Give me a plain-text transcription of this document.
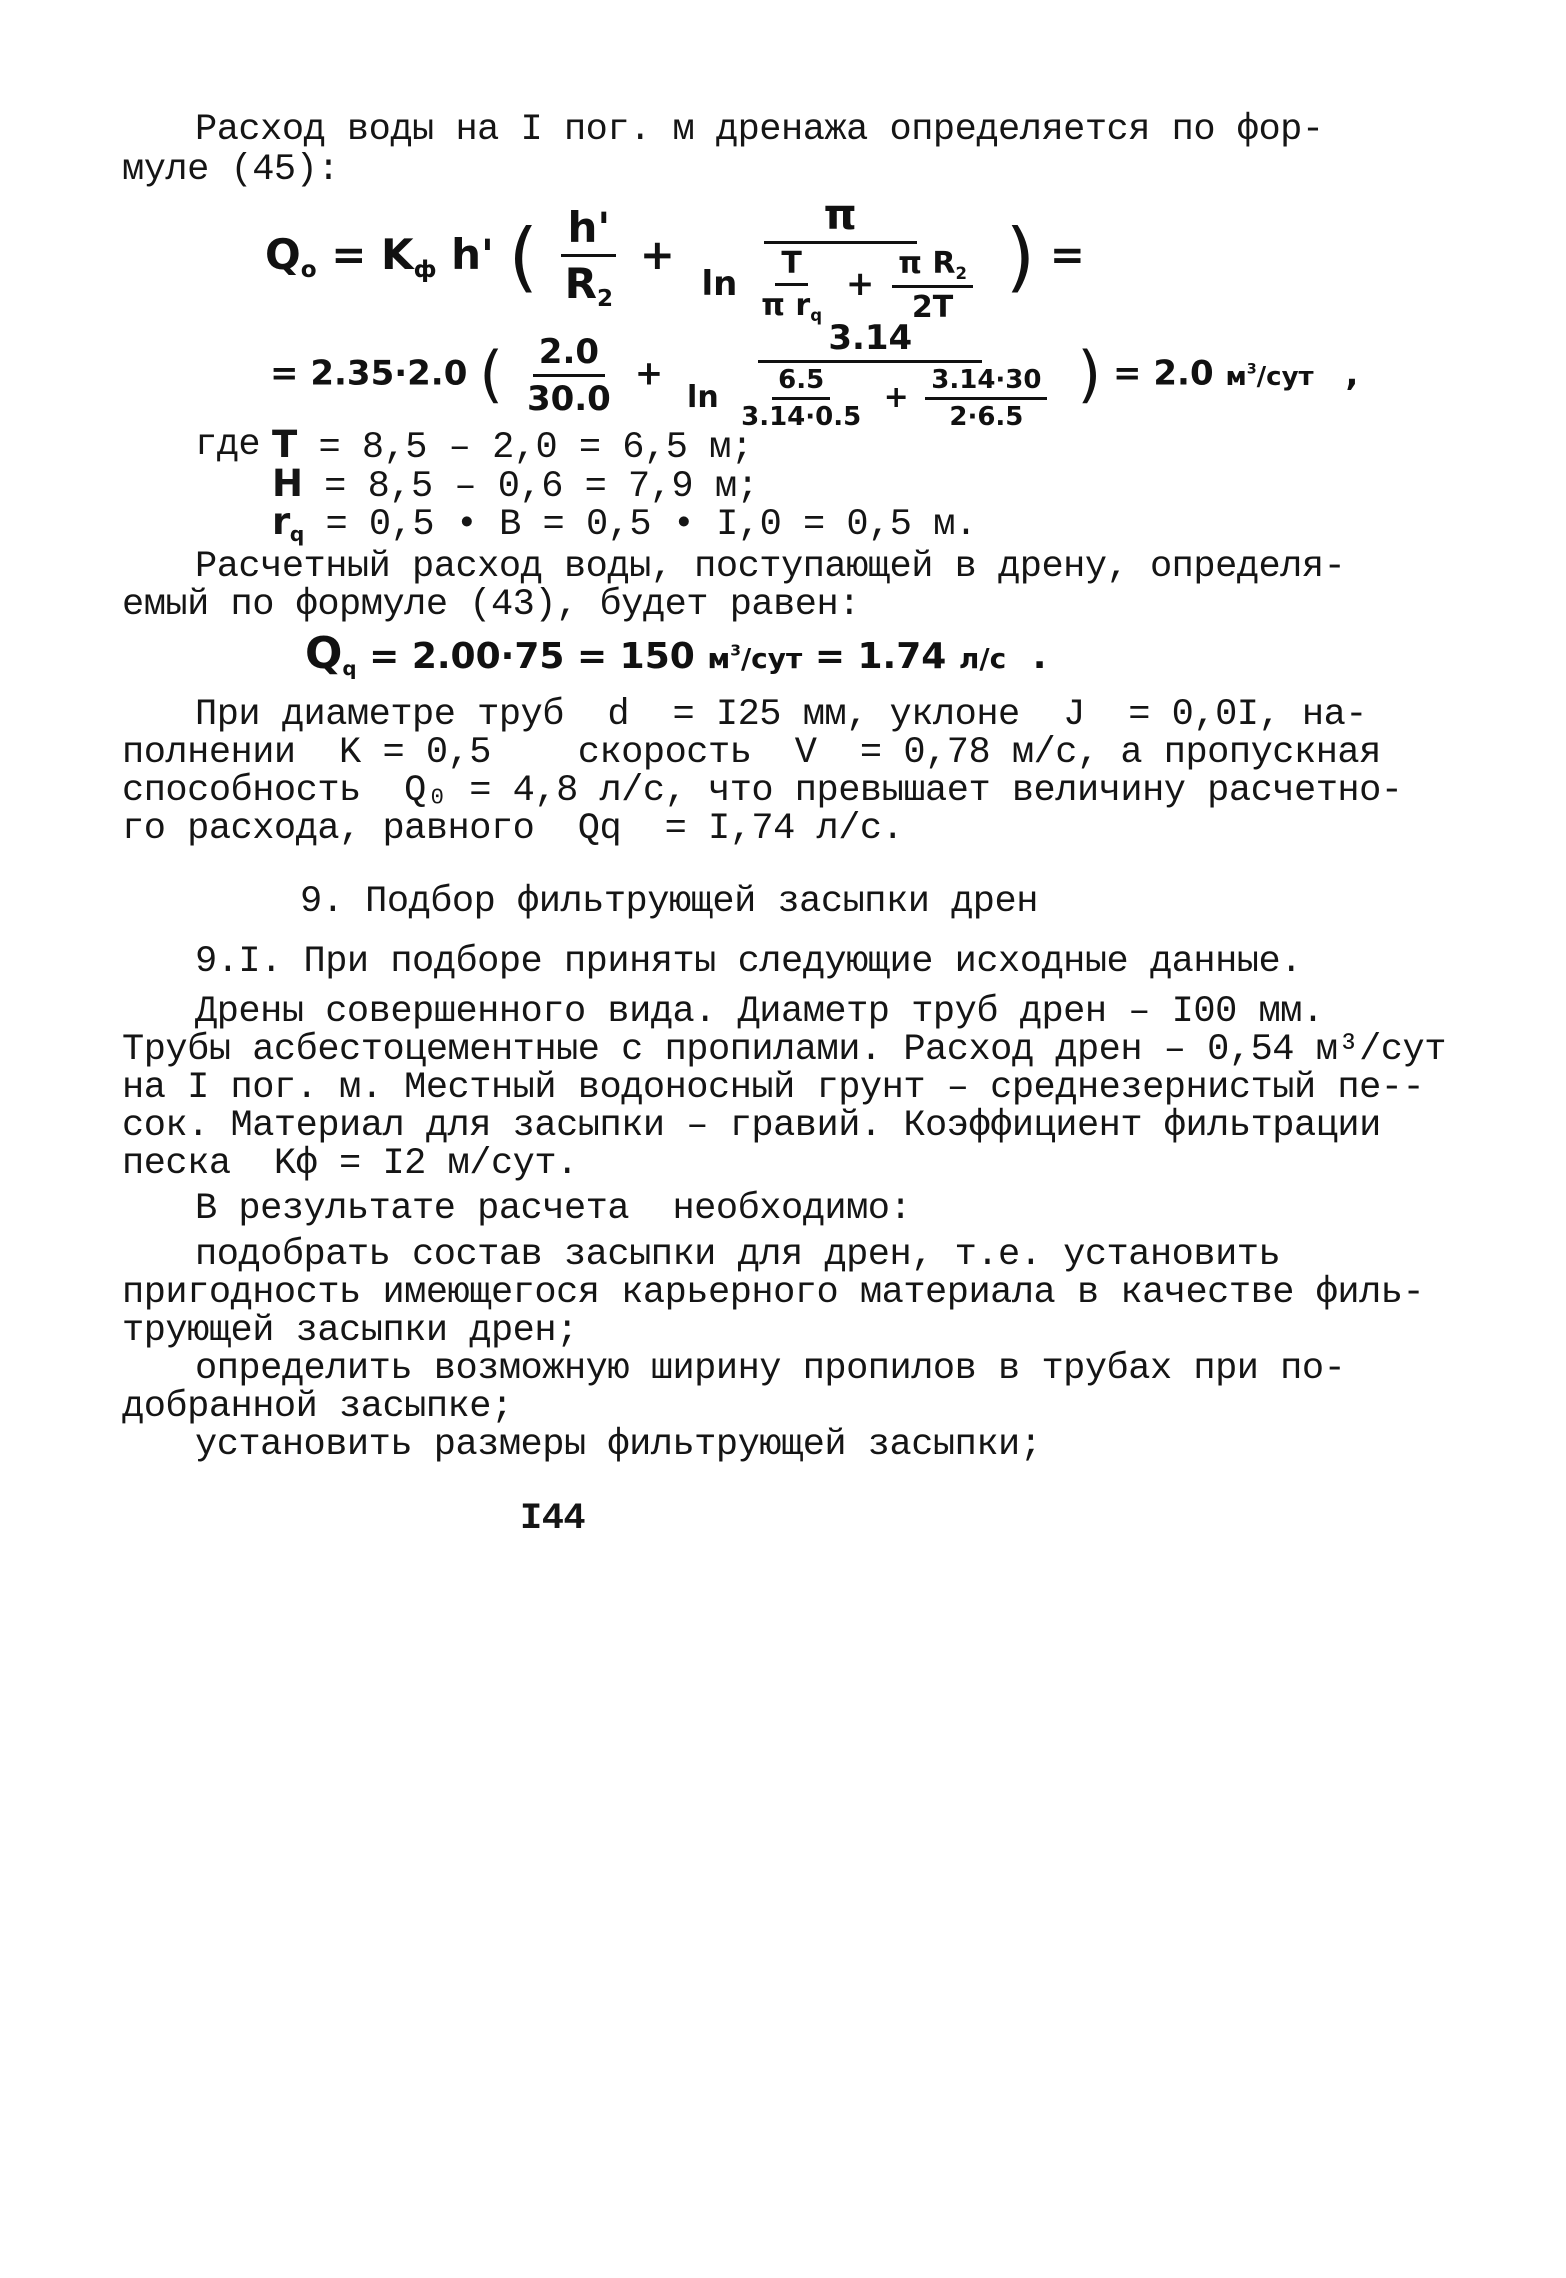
Расход воды на I пог. м дренажа определяется по фор-
муле (45):
$Q_o = K_ф$ h' ( $\frac{h'}{R_2}$ +
π
$\ln \frac{T}{\pi r_q} + \frac{\pi R_2}{2T}$ ) =
= 2.35·2.0 ( $\frac{2.0}{30.0}$ +
3.14
$\ln \frac{6.5}{3.14\cdot 0.5} + \frac{3.14\cdot 30}{2\cdot 6.5}$ ) = 2.0 $м^3$/сут ,
где T = 8,5 – 2,0 = 6,5 м;
H = 8,5 – 0,6 = 7,9 м;
$r_q = 0,5$ • B = 0,5 • I,0 = 0,5 м.
Расчетный расход воды, поступающей в дрену, определя-
емый по формуле (43), будет равен:
$Q_q = 2.00\cdot 75 = 150$ $м^3$/сут = 1.74 л/с .
При диаметре труб  d  = I25 мм, уклоне  J  = 0,0I, на-
полнении  K = 0,5    скорость  V  = 0,78 м/с, а пропускная
способность  Q₀ = 4,8 л/с, что превышает величину расчетно-
го расхода, равного  Qq  = I,74 л/с.
9. Подбор фильтрующей засыпки дрен
9.I. При подборе приняты следующие исходные данные.
Дрены совершенного вида. Диаметр труб дрен – I00 мм.
Трубы асбестоцементные с пропилами. Расход дрен – 0,54 м³/сут
на I пог. м. Местный водоносный грунт – среднезернистый пе--
сок. Материал для засыпки – гравий. Коэффициент фильтрации
песка  Kф = I2 м/сут.
В результате расчета  необходимо:
подобрать состав засыпки для дрен, т.е. установить
пригодность имеющегося карьерного материала в качестве филь-
трующей засыпки дрен;
определить возможную ширину пропилов в трубах при по-
добранной засыпке;
установить размеры фильтрующей засыпки;
I44
